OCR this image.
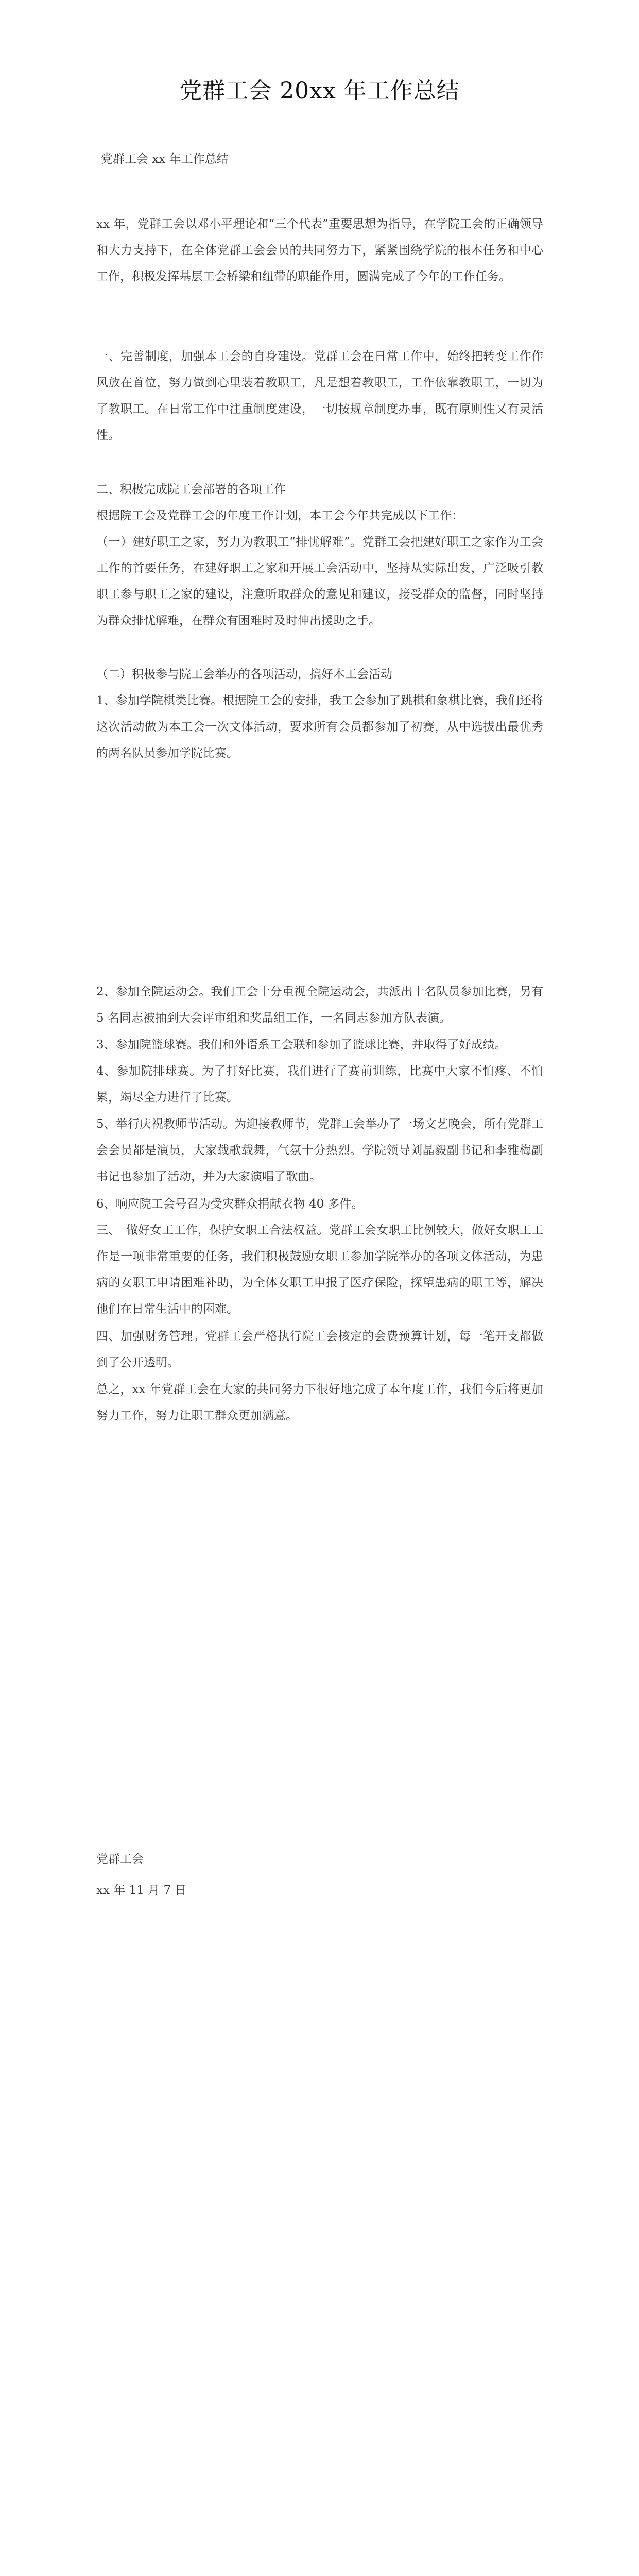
党群工会 20xx 年工作总结
党群工会 xx 年工作总结

xx 年，党群工会以邓小平理论和“三个代表”重要思想为指导，在学院工会的正确领导和大力支持下，在全体党群工会会员的共同努力下，紧紧围绕学院的根本任务和中心工作，积极发挥基层工会桥梁和纽带的职能作用，圆满完成了今年的工作任务。

一、完善制度，加强本工会的自身建设。党群工会在日常工作中，始终把转变工作作风放在首位，努力做到心里装着教职工，凡是想着教职工，工作依靠教职工，一切为了教职工。在日常工作中注重制度建设，一切按规章制度办事，既有原则性又有灵活性。

二、积极完成院工会部署的各项工作

根据院工会及党群工会的年度工作计划，本工会今年共完成以下工作：

（一）建好职工之家，努力为教职工“排忧解难”。党群工会把建好职工之家作为工会工作的首要任务，在建好职工之家和开展工会活动中，坚持从实际出发，广泛吸引教职工参与职工之家的建设，注意听取群众的意见和建议，接受群众的监督，同时坚持为群众排忧解难，在群众有困难时及时伸出援助之手。

（二）积极参与院工会举办的各项活动，搞好本工会活动

1、参加学院棋类比赛。根据院工会的安排，我工会参加了跳棋和象棋比赛，我们还将这次活动做为本工会一次文体活动，要求所有会员都参加了初赛，从中选拔出最优秀的两名队员参加学院比赛。

2、参加全院运动会。我们工会十分重视全院运动会，共派出十名队员参加比赛，另有 5 名同志被抽到大会评审组和奖品组工作，一名同志参加方队表演。

3、参加院篮球赛。我们和外语系工会联和参加了篮球比赛，并取得了好成绩。

4、参加院排球赛。为了打好比赛，我们进行了赛前训练，比赛中大家不怕疼、不怕累，竭尽全力进行了比赛。

5、举行庆祝教师节活动。为迎接教师节，党群工会举办了一场文艺晚会，所有党群工会会员都是演员，大家载歌载舞，气氛十分热烈。学院领导刘晶毅副书记和李雅梅副书记也参加了活动，并为大家演唱了歌曲。

6、响应院工会号召为受灾群众捐献衣物 40 多件。

三、　做好女工工作，保护女职工合法权益。党群工会女职工比例较大，做好女职工工作是一项非常重要的任务，我们积极鼓励女职工参加学院举办的各项文体活动，为患病的女职工申请困难补助，为全体女职工申报了医疗保险，探望患病的职工等，解决他们在日常生活中的困难。

四、加强财务管理。党群工会严格执行院工会核定的会费预算计划，每一笔开支都做到了公开透明。

总之，xx 年党群工会在大家的共同努力下很好地完成了本年度工作，我们今后将更加努力工作，努力让职工群众更加满意。

党群工会

xx 年 11 月 7 日
